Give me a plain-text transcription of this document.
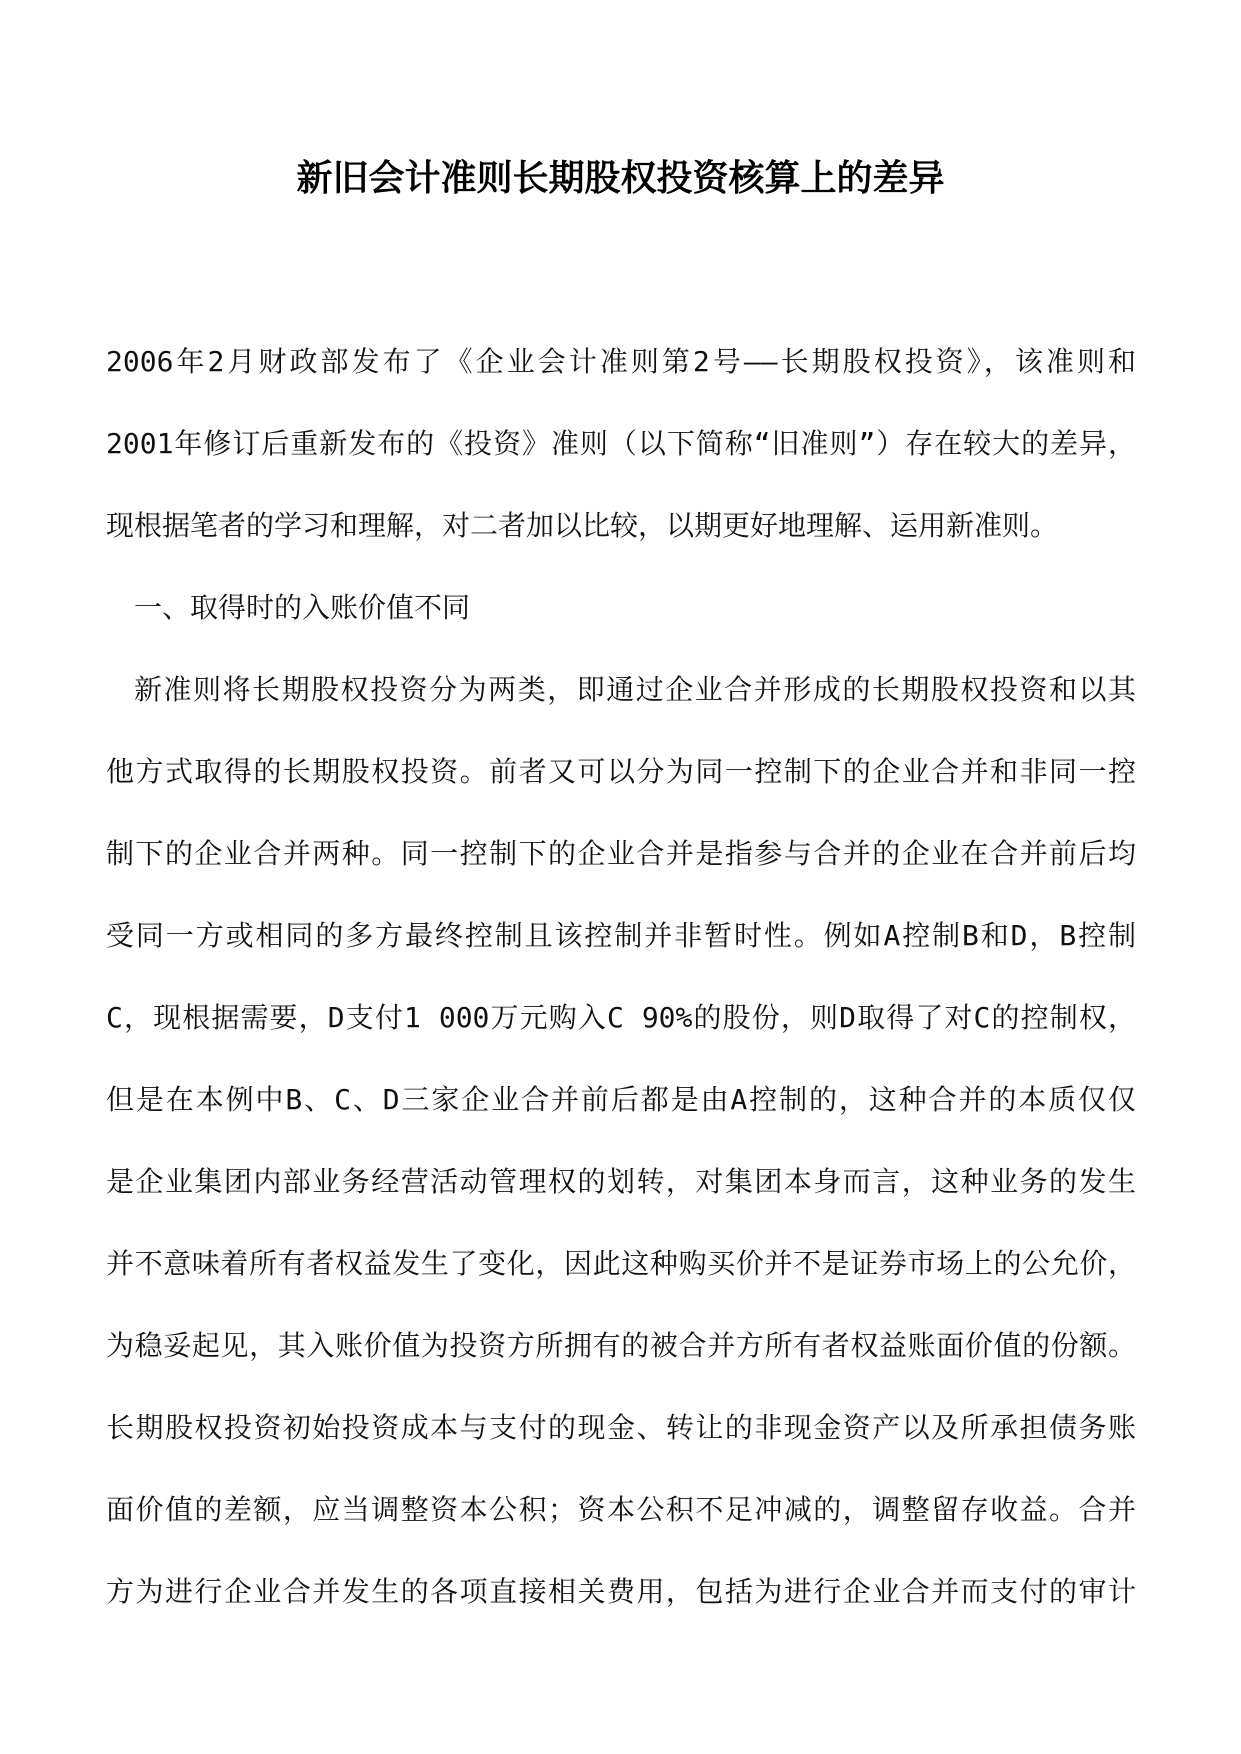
新旧会计准则长期股权投资核算上的差异
2006年2月财政部发布了《企业会计准则第2号——长期股权投资》，该准则和
2001年修订后重新发布的《投资》准则（以下简称“旧准则”）存在较大的差异，
现根据笔者的学习和理解，对二者加以比较，以期更好地理解、运用新准则。
一、取得时的入账价值不同
新准则将长期股权投资分为两类，即通过企业合并形成的长期股权投资和以其
他方式取得的长期股权投资。前者又可以分为同一控制下的企业合并和非同一控
制下的企业合并两种。同一控制下的企业合并是指参与合并的企业在合并前后均
受同一方或相同的多方最终控制且该控制并非暂时性。例如A控制B和D，B控制
C，现根据需要，D支付1 000万元购入C 90%的股份，则D取得了对C的控制权，
但是在本例中B、C、D三家企业合并前后都是由A控制的，这种合并的本质仅仅
是企业集团内部业务经营活动管理权的划转，对集团本身而言，这种业务的发生
并不意味着所有者权益发生了变化，因此这种购买价并不是证券市场上的公允价，
为稳妥起见，其入账价值为投资方所拥有的被合并方所有者权益账面价值的份额。
长期股权投资初始投资成本与支付的现金、转让的非现金资产以及所承担债务账
面价值的差额，应当调整资本公积；资本公积不足冲减的，调整留存收益。合并
方为进行企业合并发生的各项直接相关费用，包括为进行企业合并而支付的审计
